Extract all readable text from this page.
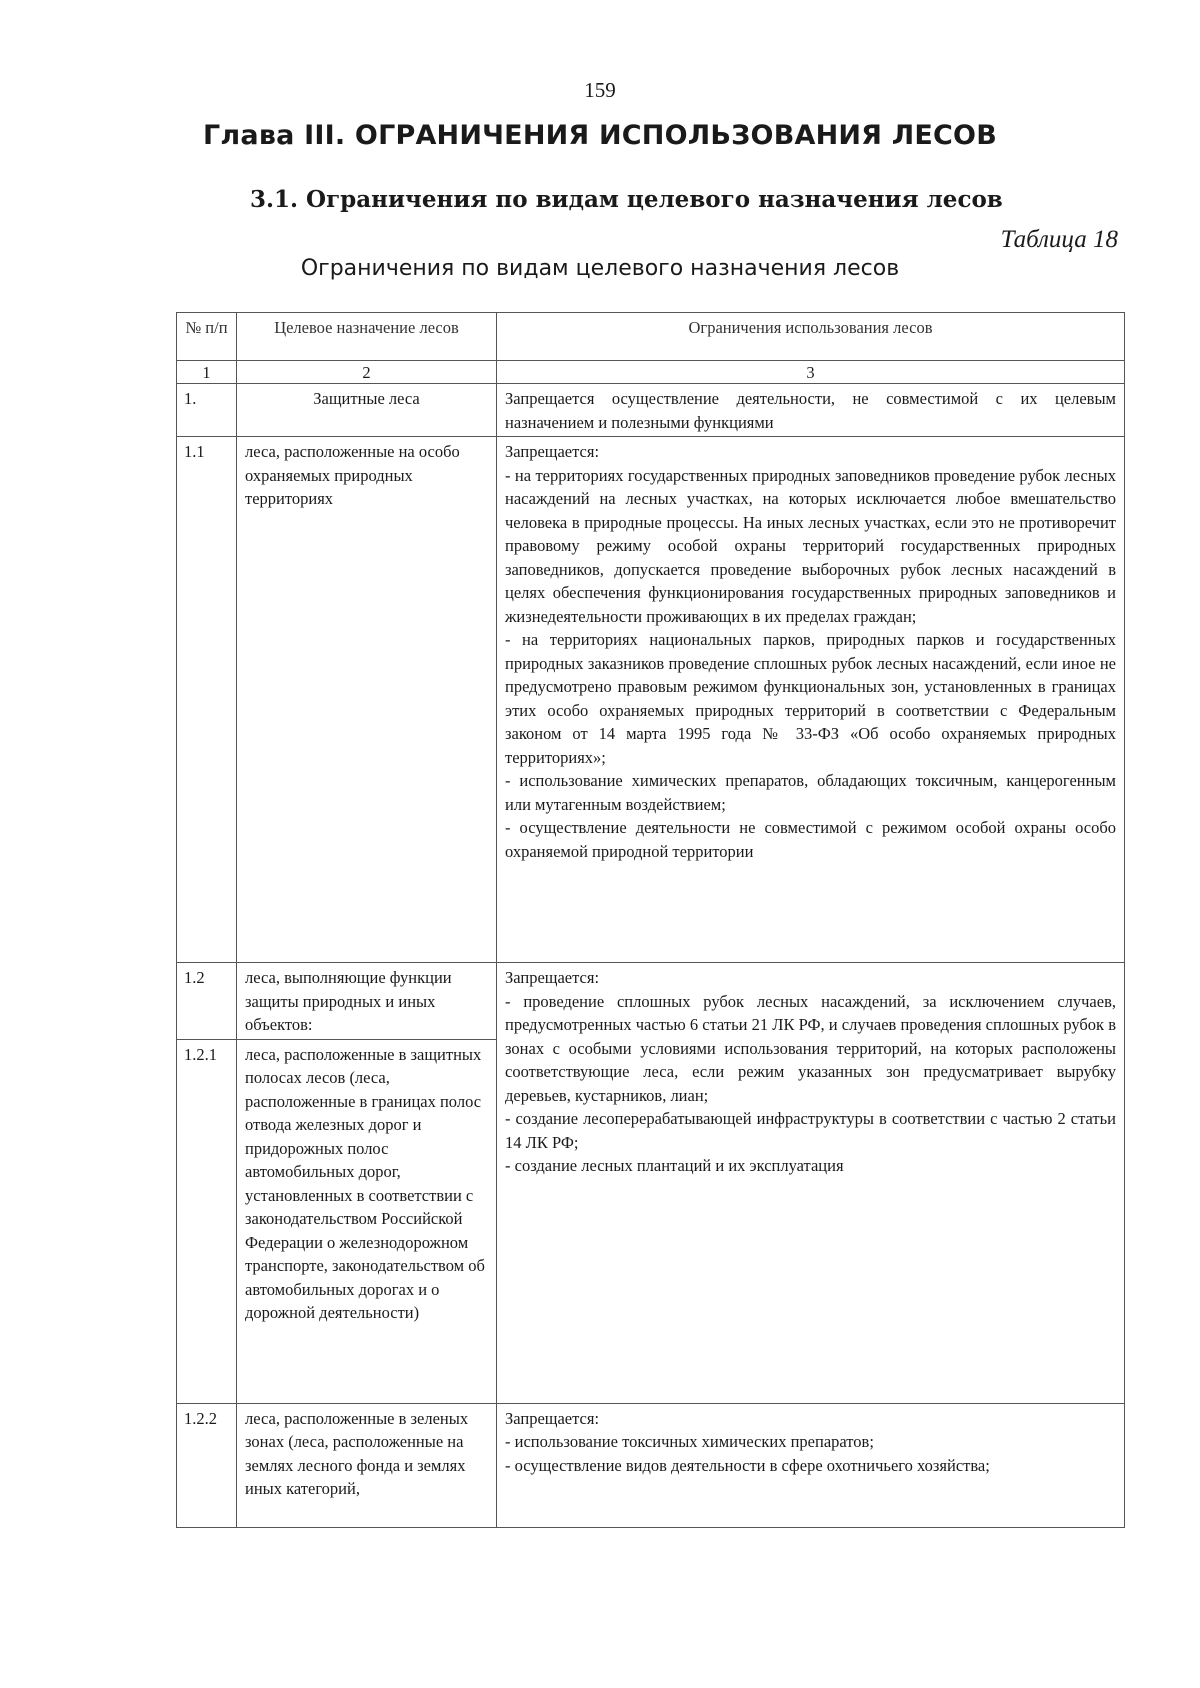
159
Глава III. ОГРАНИЧЕНИЯ ИСПОЛЬЗОВАНИЯ ЛЕСОВ
3.1. Ограничения по видам целевого назначения лесов
Таблица 18
Ограничения по видам целевого назначения лесов
№ п/п	Целевое назначение лесов	Ограничения использования лесов
1	2	3
1.	Защитные леса	Запрещается осуществление деятельности, не совместимой с их целевым назначением и полезными функциями

1.1	леса, расположенные на особо охраняемых природных территориях	Запрещается:
- на территориях государственных природных заповедников проведение рубок лесных насаждений на лесных участках, на которых исключается любое вмешательство человека в природные процессы. На иных лесных участках, если это не противоречит правовому режиму особой охраны территорий государственных природных заповедников, допускается проведение выборочных рубок лесных насаждений в целях обеспечения функционирования государственных природных заповедников и жизнедеятельности проживающих в их пределах граждан;
- на территориях национальных парков, природных парков и государственных природных заказников проведение сплошных рубок лесных насаждений, если иное не предусмотрено правовым режимом функциональных зон, установленных в границах этих особо охраняемых природных территорий в соответствии с Федеральным законом от 14 марта 1995 года № 33-ФЗ «Об особо охраняемых природных территориях»;
- использование химических препаратов, обладающих токсичным, канцерогенным или мутагенным воздействием;
- осуществление деятельности не совместимой с режимом особой охраны особо охраняемой природной территории

1.2	леса, выполняющие функции защиты природных и иных объектов:	Запрещается:
- проведение сплошных рубок лесных насаждений, за исключением случаев, предусмотренных частью 6 статьи 21 ЛК РФ, и случаев проведения сплошных рубок в зонах с особыми условиями использования территорий, на которых расположены соответствующие леса, если режим указанных зон предусматривает вырубку деревьев, кустарников, лиан;
- создание лесоперерабатывающей инфраструктуры в соответствии с частью 2 статьи 14 ЛК РФ;
- создание лесных плантаций и их эксплуатация

1.2.1	леса, расположенные в защитных полосах лесов (леса, расположенные в границах полос отвода железных дорог и придорожных полос автомобильных дорог, установленных в соответствии с законодательством Российской Федерации о железнодорожном транспорте, законодательством об автомобильных дорогах и о дорожной деятельности)	
1.2.2	леса, расположенные в зеленых зонах (леса, расположенные на землях лесного фонда и землях иных категорий,	Запрещается:
- использование токсичных химических препаратов;
- осуществление видов деятельности в сфере охотничьего хозяйства;
